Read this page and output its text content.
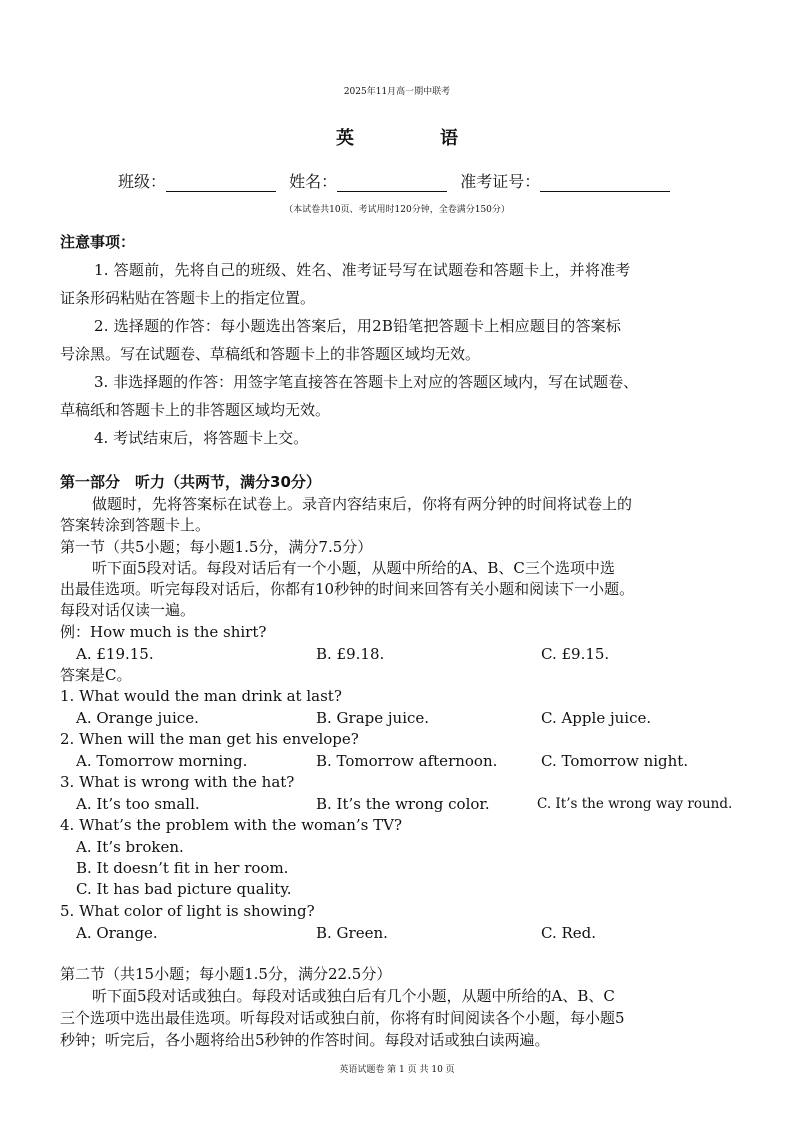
2025年11月高一期中联考
英　语
班级：	姓名：	准考证号：
（本试卷共10页、考试用时120分钟，全卷满分150分）
注意事项：
1. 答题前，先将自己的班级、姓名、准考证号写在试题卷和答题卡上，并将准考
证条形码粘贴在答题卡上的指定位置。
2. 选择题的作答：每小题选出答案后，用2B铅笔把答题卡上相应题目的答案标
号涂黑。写在试题卷、草稿纸和答题卡上的非答题区域均无效。
3. 非选择题的作答：用签字笔直接答在答题卡上对应的答题区域内，写在试题卷、
草稿纸和答题卡上的非答题区域均无效。
4. 考试结束后，将答题卡上交。
第一部分　听力（共两节，满分30分）
做题时，先将答案标在试卷上。录音内容结束后，你将有两分钟的时间将试卷上的
答案转涂到答题卡上。
第一节（共5小题；每小题1.5分，满分7.5分）
听下面5段对话。每段对话后有一个小题，从题中所给的A、B、C三个选项中选
出最佳选项。听完每段对话后，你都有10秒钟的时间来回答有关小题和阅读下一小题。
每段对话仅读一遍。
例：How much is the shirt?
A. £19.15.	B. £9.18.	C. £9.15.
答案是C。
1. What would the man drink at last?
A. Orange juice.	B. Grape juice.	C. Apple juice.
2. When will the man get his envelope?
A. Tomorrow morning.	B. Tomorrow afternoon.	C. Tomorrow night.
3. What is wrong with the hat?
A. It’s too small.	B. It’s the wrong color.	C. It’s the wrong way round.
4. What’s the problem with the woman’s TV?
A. It’s broken.
B. It doesn’t fit in her room.
C. It has bad picture quality.
5. What color of light is showing?
A. Orange.	B. Green.	C. Red.
第二节（共15小题；每小题1.5分，满分22.5分）
听下面5段对话或独白。每段对话或独白后有几个小题，从题中所给的A、B、C
三个选项中选出最佳选项。听每段对话或独白前，你将有时间阅读各个小题，每小题5
秒钟；听完后，各小题将给出5秒钟的作答时间。每段对话或独白读两遍。
英语试题卷 第 1 页 共 10 页
